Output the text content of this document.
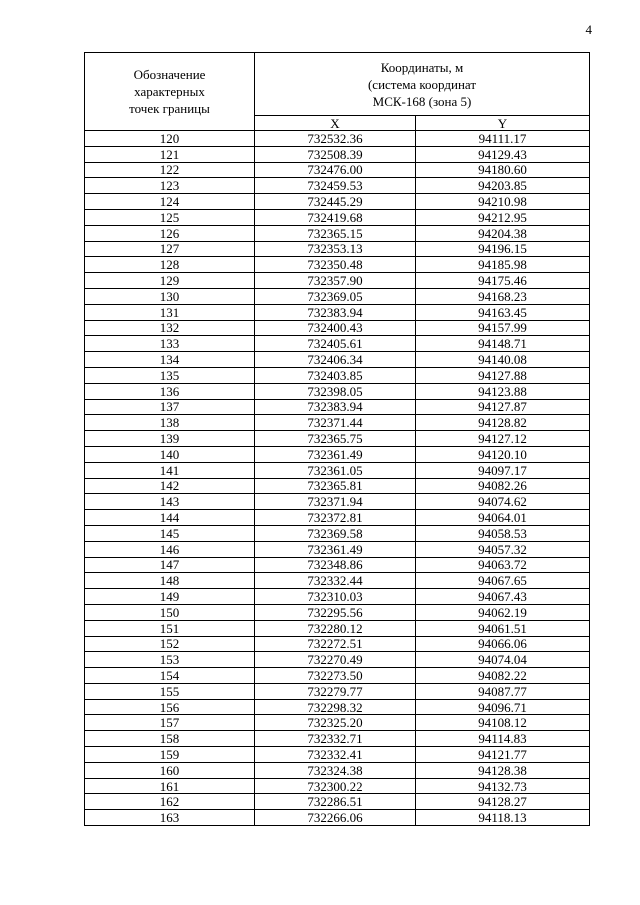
4
Обозначение
характерных
точек границы	Координаты, м
(система координат
МСК-168 (зона 5)	

	X	Y
120	732532.36	94111.17
121	732508.39	94129.43
122	732476.00	94180.60
123	732459.53	94203.85
124	732445.29	94210.98
125	732419.68	94212.95
126	732365.15	94204.38
127	732353.13	94196.15
128	732350.48	94185.98
129	732357.90	94175.46
130	732369.05	94168.23
131	732383.94	94163.45
132	732400.43	94157.99
133	732405.61	94148.71
134	732406.34	94140.08
135	732403.85	94127.88
136	732398.05	94123.88
137	732383.94	94127.87
138	732371.44	94128.82
139	732365.75	94127.12
140	732361.49	94120.10
141	732361.05	94097.17
142	732365.81	94082.26
143	732371.94	94074.62
144	732372.81	94064.01
145	732369.58	94058.53
146	732361.49	94057.32
147	732348.86	94063.72
148	732332.44	94067.65
149	732310.03	94067.43
150	732295.56	94062.19
151	732280.12	94061.51
152	732272.51	94066.06
153	732270.49	94074.04
154	732273.50	94082.22
155	732279.77	94087.77
156	732298.32	94096.71
157	732325.20	94108.12
158	732332.71	94114.83
159	732332.41	94121.77
160	732324.38	94128.38
161	732300.22	94132.73
162	732286.51	94128.27
163	732266.06	94118.13
